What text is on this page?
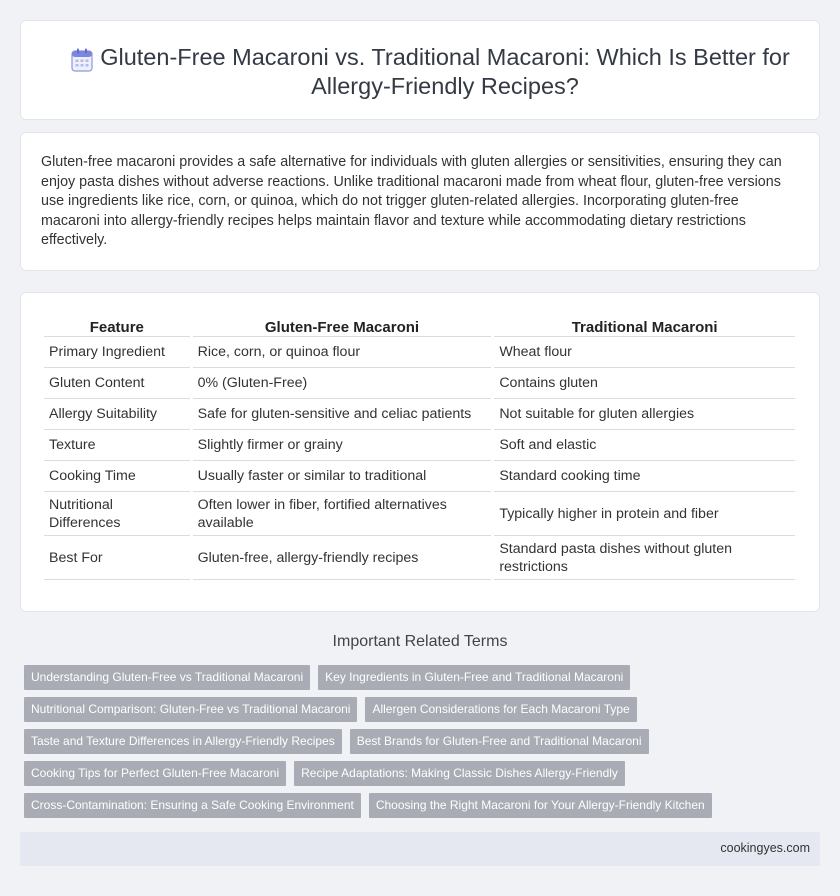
Gluten-Free Macaroni vs. Traditional Macaroni: Which Is Better for Allergy-Friendly Recipes?

Gluten-free macaroni provides a safe alternative for individuals with gluten allergies or sensitivities, ensuring they can enjoy pasta dishes without adverse reactions. Unlike traditional macaroni made from wheat flour, gluten-free versions use ingredients like rice, corn, or quinoa, which do not trigger gluten-related allergies. Incorporating gluten-free macaroni into allergy-friendly recipes helps maintain flavor and texture while accommodating dietary restrictions effectively.

Feature	Gluten-Free Macaroni	Traditional Macaroni
Primary Ingredient	Rice, corn, or quinoa flour	Wheat flour
Gluten Content	0% (Gluten-Free)	Contains gluten
Allergy Suitability	Safe for gluten-sensitive and celiac patients	Not suitable for gluten allergies
Texture	Slightly firmer or grainy	Soft and elastic
Cooking Time	Usually faster or similar to traditional	Standard cooking time
Nutritional Differences	Often lower in fiber, fortified alternatives available	Typically higher in protein and fiber
Best For	Gluten-free, allergy-friendly recipes	Standard pasta dishes without gluten restrictions
Important Related Terms
Understanding Gluten-Free vs Traditional Macaroni	Key Ingredients in Gluten-Free and Traditional Macaroni
Nutritional Comparison: Gluten-Free vs Traditional Macaroni	Allergen Considerations for Each Macaroni Type
Taste and Texture Differences in Allergy-Friendly Recipes	Best Brands for Gluten-Free and Traditional Macaroni
Cooking Tips for Perfect Gluten-Free Macaroni	Recipe Adaptations: Making Classic Dishes Allergy-Friendly
Cross-Contamination: Ensuring a Safe Cooking Environment	Choosing the Right Macaroni for Your Allergy-Friendly Kitchen
cookingyes.com
